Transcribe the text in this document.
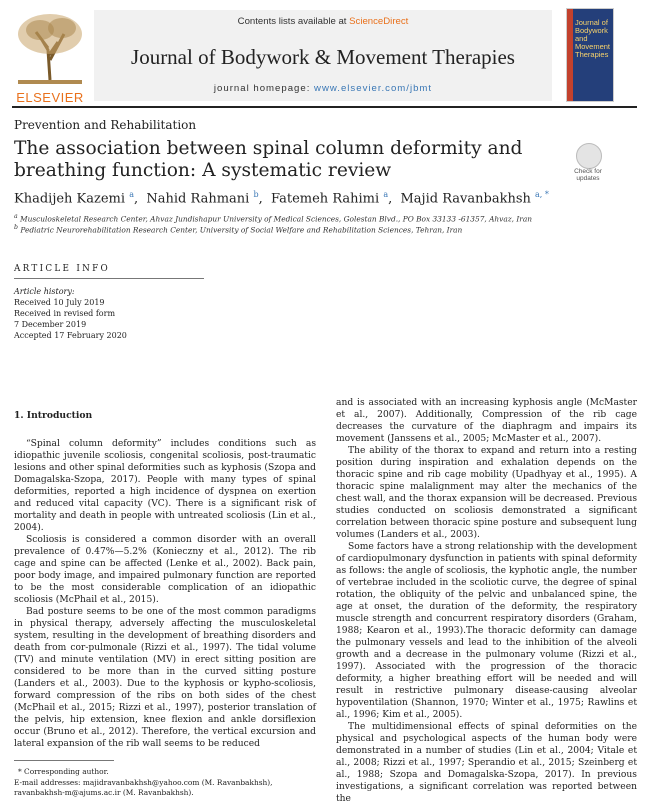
ELSEVIER
Contents lists available at ScienceDirect
Journal of Bodywork & Movement Therapies
journal homepage: www.elsevier.com/jbmt
Journal of Bodywork and Movement Therapies
Prevention and Rehabilitation
The association between spinal column deformity and breathing function: A systematic review	Check for updates
Khadijeh Kazemi $^a$,  Nahid Rahmani $^b$,  Fatemeh Rahimi $^a$,  Majid Ravanbakhsh $^{a, *}$
$^a$ Musculoskeletal Research Center, Ahvaz Jundishapur University of Medical Sciences, Golestan Blvd., PO Box 33133 -61357, Ahvaz, Iran
$^b$ Pediatric Neurorehabilitation Research Center, University of Social Welfare and Rehabilitation Sciences, Tehran, Iran
ARTICLE INFO
Article history:
Received 10 July 2019
Received in revised form
7 December 2019
Accepted 17 February 2020
1. Introduction

“Spinal column deformity” includes conditions such as idiopathic juvenile scoliosis, congenital scoliosis, post-traumatic lesions and other spinal deformities such as kyphosis (Szopa and Domagalska-Szopa, 2017). People with many types of spinal deformities, reported a high incidence of dyspnea on exertion and reduced vital capacity (VC). There is a significant risk of mortality and death in people with untreated scoliosis (Lin et al., 2004).

Scoliosis is considered a common disorder with an overall prevalence of 0.47%—5.2% (Konieczny et al., 2012). The rib cage and spine can be affected (Lenke et al., 2002). Back pain, poor body image, and impaired pulmonary function are reported to be the most considerable complication of an idiopathic scoliosis (McPhail et al., 2015).

Bad posture seems to be one of the most common paradigms in physical therapy, adversely affecting the musculoskeletal system, resulting in the development of breathing disorders and death from cor-pulmonale (Rizzi et al., 1997). The tidal volume (TV) and minute ventilation (MV) in erect sitting position are considered to be more than in the curved sitting posture (Landers et al., 2003). Due to the kyphosis or kypho-scoliosis, forward compression of the ribs on both sides of the chest (McPhail et al., 2015; Rizzi et al., 1997), posterior translation of the pelvis, hip extension, knee flexion and ankle dorsiflexion occur (Bruno et al., 2012). Therefore, the vertical excursion and lateral expansion of the rib wall seems to be reduced

and is associated with an increasing kyphosis angle (McMaster et al., 2007). Additionally, Compression of the rib cage decreases the curvature of the diaphragm and impairs its movement (Janssens et al., 2005; McMaster et al., 2007).

The ability of the thorax to expand and return into a resting position during inspiration and exhalation depends on the thoracic spine and rib cage mobility (Upadhyay et al., 1995). A thoracic spine malalignment may alter the mechanics of the chest wall, and the thorax expansion will be decreased. Previous studies conducted on scoliosis demonstrated a significant correlation between thoracic spine posture and subsequent lung volumes (Landers et al., 2003).

Some factors have a strong relationship with the development of cardiopulmonary dysfunction in patients with spinal deformity as follows: the angle of scoliosis, the kyphotic angle, the number of vertebrae included in the scoliotic curve, the degree of spinal rotation, the obliquity of the pelvic and unbalanced spine, the age at onset, the duration of the deformity, the respiratory muscle strength and concurrent respiratory disorders (Graham, 1988; Kearon et al., 1993).The thoracic deformity can damage the pulmonary vessels and lead to the inhibition of the alveoli growth and a decrease in the pulmonary volume (Rizzi et al., 1997). Associated with the progression of the thoracic deformity, a higher breathing effort will be needed and will result in restrictive pulmonary disease-causing alveolar hypoventilation (Shannon, 1970; Winter et al., 1975; Rawlins et al., 1996; Kim et al., 2005).

The multidimensional effects of spinal deformities on the physical and psychological aspects of the human body were demonstrated in a number of studies (Lin et al., 2004; Vitale et al., 2008; Rizzi et al., 1997; Sperandio et al., 2015; Szeinberg et al., 1988; Szopa and Domagalska-Szopa, 2017). In previous investigations, a significant correlation was reported between the

* Corresponding author.
E-mail addresses: majidravanbakhsh@yahoo.com (M. Ravanbakhsh), ravanbakhsh-m@ajums.ac.ir (M. Ravanbakhsh).
